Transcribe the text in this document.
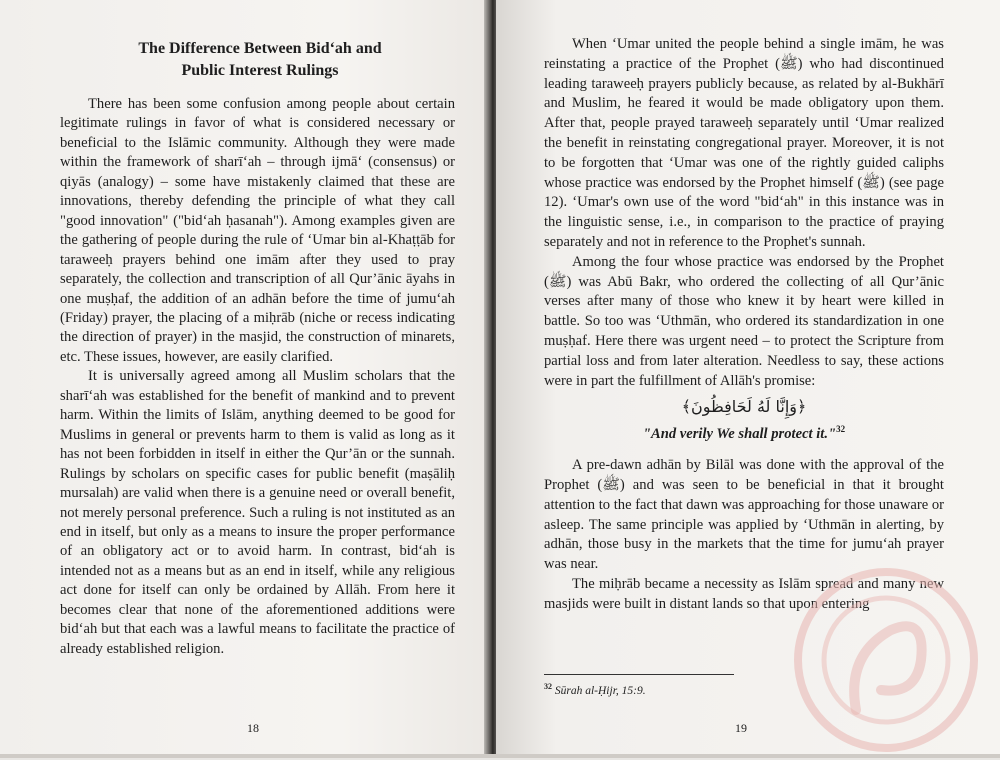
The Difference Between Bid‘ah and
Public Interest Rulings

There has been some confusion among people about certain legitimate rulings in favor of what is considered necessary or beneficial to the Islāmic community. Although they were made within the framework of sharī‘ah – through ijmā‘ (consensus) or qiyās (analogy) – some have mistakenly claimed that these are innovations, thereby defending the principle of what they call "good innovation" ("bid‘ah ḥasanah"). Among examples given are the gathering of people during the rule of ‘Umar bin al-Khaṭṭāb for taraweeḥ prayers behind one imām after they used to pray separately, the collection and transcription of all Qur’ānic āyahs in one muṣḥaf, the addition of an adhān before the time of jumu‘ah (Friday) prayer, the placing of a miḥrāb (niche or recess indicating the direction of prayer) in the masjid, the construction of minarets, etc. These issues, however, are easily clarified.

It is universally agreed among all Muslim scholars that the sharī‘ah was established for the benefit of mankind and to prevent harm. Within the limits of Islām, anything deemed to be good for Muslims in general or prevents harm to them is valid as long as it has not been forbidden in itself in either the Qur’ān or the sunnah. Rulings by scholars on specific cases for public benefit (maṣāliḥ mursalah) are valid when there is a genuine need or overall benefit, not merely personal preference. Such a ruling is not instituted as an end in itself, but only as a means to insure the proper performance of an obligatory act or to avoid harm. In contrast, bid‘ah is intended not as a means but as an end in itself, while any religious act done for itself can only be ordained by Allāh. From here it becomes clear that none of the aforementioned additions were bid‘ah but that each was a lawful means to facilitate the practice of already established religion.

18

When ‘Umar united the people behind a single imām, he was reinstating a practice of the Prophet (ﷺ) who had discontinued leading taraweeḥ prayers publicly because, as related by al-Bukhārī and Muslim, he feared it would be made obligatory upon them. After that, people prayed taraweeḥ separately until ‘Umar realized the benefit in reinstating congregational prayer. Moreover, it is not to be forgotten that ‘Umar was one of the rightly guided caliphs whose practice was endorsed by the Prophet himself (ﷺ) (see page 12). ‘Umar's own use of the word "bid‘ah" in this instance was in the linguistic sense, i.e., in comparison to the practice of praying separately and not in reference to the Prophet's sunnah.

Among the four whose practice was endorsed by the Prophet (ﷺ) was Abū Bakr, who ordered the collecting of all Qur’ānic verses after many of those who knew it by heart were killed in battle. So too was ‘Uthmān, who ordered its standardization in one muṣḥaf. Here there was urgent need – to protect the Scripture from partial loss and from later alteration. Needless to say, these actions were in part the fulfillment of Allāh's promise:

﴿وَإِنَّا لَهُ لَحَافِظُونَ﴾

"And verily We shall protect it."$^{32}$

A pre-dawn adhān by Bilāl was done with the approval of the Prophet (ﷺ) and was seen to be beneficial in that it brought attention to the fact that dawn was approaching for those unaware or asleep. The same principle was applied by ‘Uthmān in alerting, by adhān, those busy in the markets that the time for jumu‘ah prayer was near.

The miḥrāb became a necessity as Islām spread and many new masjids were built in distant lands so that upon entering

$^{32}$ Sūrah al-Ḥijr, 15:9.

19
